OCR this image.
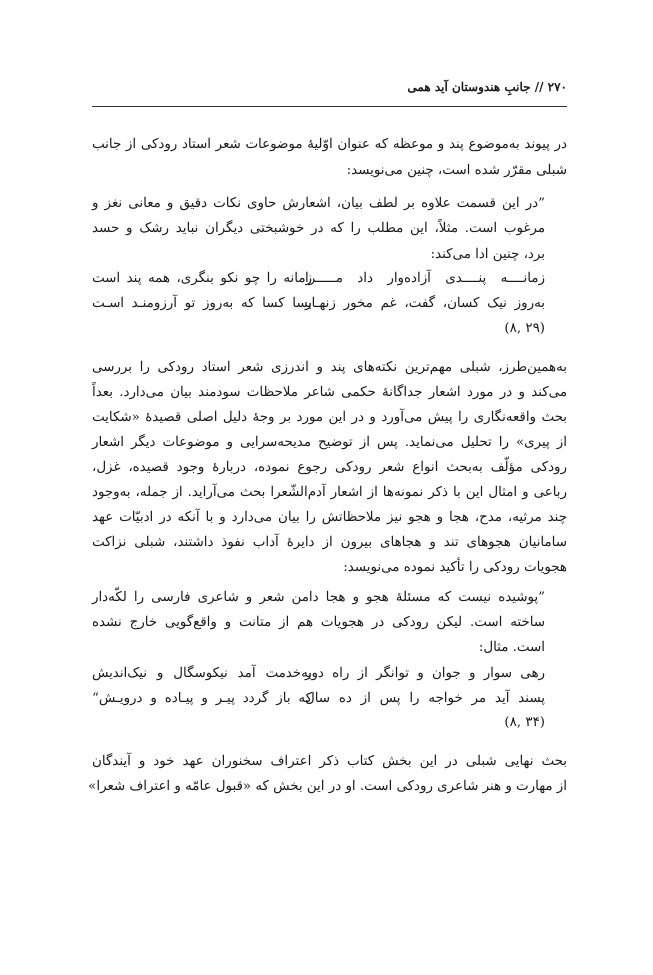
۲۷۰ // جانبِ هندوستان آید همی
در پیوند به‌موضوع پند و موعظه که عنوان اوّلیهٔ موضوعات شعر استاد رودکی از جانب
شبلی مقرّر شده است، چنین می‌نویسد:
”در این قسمت علاوه بر لطف بیان، اشعارش حاوی نکات دقیق و معانی نغز و
مرغوب است. مثلاً، این مطلب را که در خوشبختی دیگران نباید رشک و حسد
برد، چنین ادا می‌کند:
زمانــــه پنــــدی آزاده‌وار داد مـــــرا
زمانه را چو نکو بنگری، همه پند است
به‌روز نیک کسان، گفت، غم مخور زنهـار
بسا کسا که به‌روز تو آرزومنـد اسـت
(۲۹ ,۸)
به‌همین‌طرز، شبلی مهم‌ترین نکته‌های پند و اندرزی شعر استاد رودکی را بررسی
می‌کند و در مورد اشعار جداگانهٔ حکمی شاعر ملاحظات سودمند بیان می‌دارد. بعداً
بحث واقعه‌نگاری را پیش می‌آورد و در این مورد بر وجهٔ دلیل اصلی قصیدهٔ «شکایت
از پیری» را تحلیل می‌نماید. پس از توضیح مدیحه‌سرایی و موضوعات دیگر اشعار
رودکی مؤلّف به‌بحث انواع شعر رودکی رجوع نموده، دربارهٔ وجود قصیده، غزل،
رباعی و امثال این با ذکر نمونه‌ها از اشعار آدم‌الشّعرا بحث می‌آراید. از جمله، به‌وجود
چند مرثیه، مدح، هجا و هجو نیز ملاحظاتش را بیان می‌دارد و با آنکه در ادبیّات عهد
سامانیان هجوهای تند و هجاهای بیرون از دایرهٔ آداب نفوذ داشتند، شبلی نزاکت
هجویات رودکی را تأکید نموده می‌نویسد:
”پوشیده نیست که مسئلهٔ هجو و هجا دامن شعر و شاعری فارسی را لکّه‌دار
ساخته است. لیکن رودکی در هجویات هم از متانت و واقع‌گویی خارج نشده
است. مثال:
رهی سوار و جوان و توانگر از راه دور
به‌خدمت آمد نیکوسگال و نیک‌اندیش
پسند آید مر خواجه را پس از ده سال
که باز گردد پیـر و پیـاده و درویـش“
(۳۴ ,۸)
بحث نهایی شبلی در این بخش کتاب ذکر اعتراف سخنوران عهد خود و آیندگان
از مهارت و هنر شاعری رودکی است. او در این بخش که «قبول عامّه و اعتراف شعرا»
